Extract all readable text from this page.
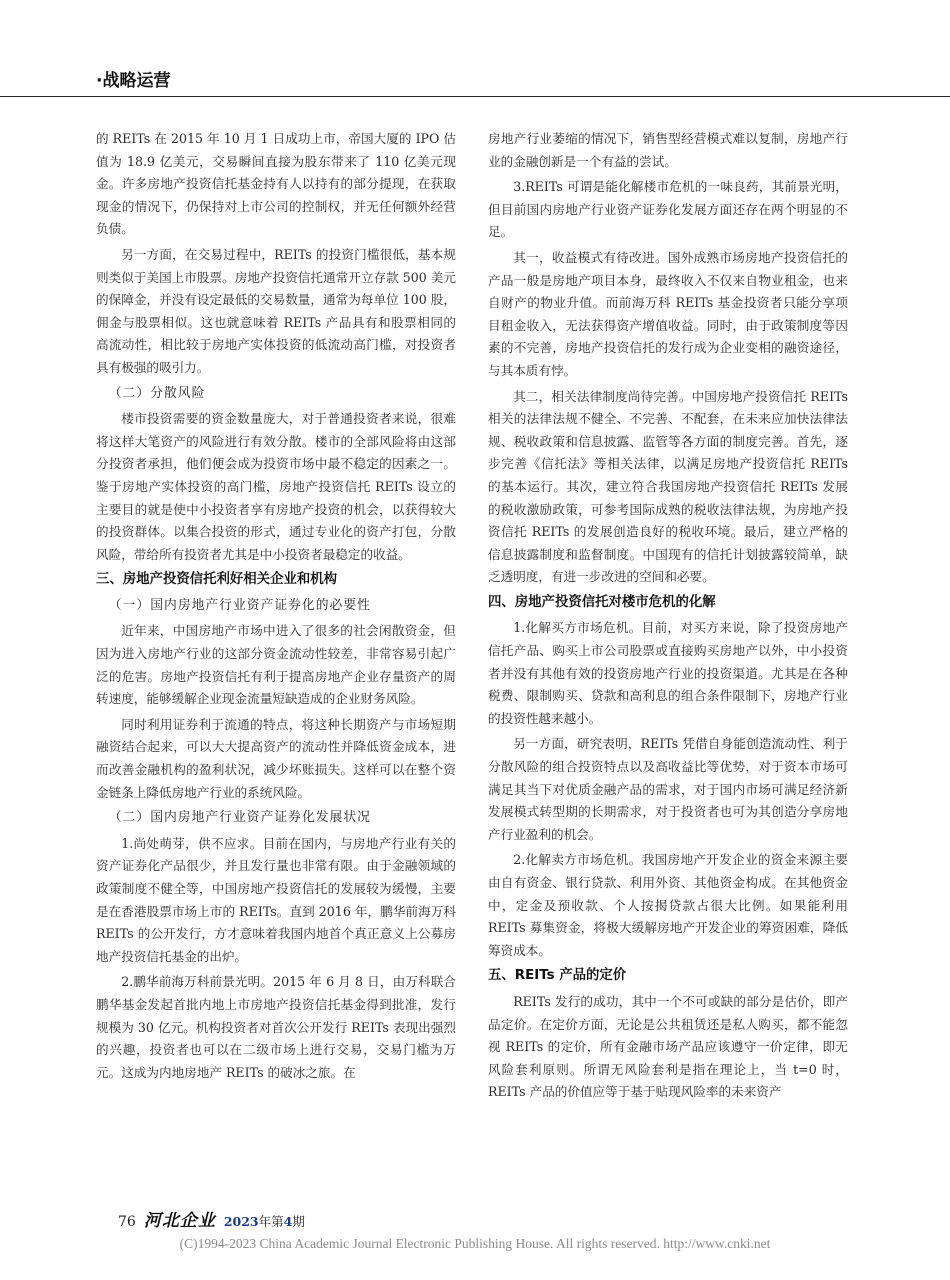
·战略运营

的 REITs 在 2015 年 10 月 1 日成功上市，帝国大厦的 IPO 估值为 18.9 亿美元，交易瞬间直接为股东带来了 110 亿美元现金。许多房地产投资信托基金持有人以持有的部分提现，在获取现金的情况下，仍保持对上市公司的控制权，并无任何额外经营负债。

另一方面，在交易过程中，REITs 的投资门槛很低，基本规则类似于美国上市股票。房地产投资信托通常开立存款 500 美元的保障金，并没有设定最低的交易数量，通常为每单位 100 股，佣金与股票相似。这也就意味着 REITs 产品具有和股票相同的高流动性，相比较于房地产实体投资的低流动高门槛，对投资者具有极强的吸引力。

（二）分散风险

楼市投资需要的资金数量庞大，对于普通投资者来说，很难将这样大笔资产的风险进行有效分散。楼市的全部风险将由这部分投资者承担，他们便会成为投资市场中最不稳定的因素之一。鉴于房地产实体投资的高门槛，房地产投资信托 REITs 设立的主要目的就是使中小投资者享有房地产投资的机会，以获得较大的投资群体。以集合投资的形式，通过专业化的资产打包，分散风险，带给所有投资者尤其是中小投资者最稳定的收益。

三、房地产投资信托利好相关企业和机构
（一）国内房地产行业资产证券化的必要性

近年来，中国房地产市场中进入了很多的社会闲散资金，但因为进入房地产行业的这部分资金流动性较差，非常容易引起广泛的危害。房地产投资信托有利于提高房地产企业存量资产的周转速度，能够缓解企业现金流量短缺造成的企业财务风险。

同时利用证券利于流通的特点，将这种长期资产与市场短期融资结合起来，可以大大提高资产的流动性并降低资金成本，进而改善金融机构的盈利状况，减少坏账损失。这样可以在整个资金链条上降低房地产行业的系统风险。

（二）国内房地产行业资产证券化发展状况

1.尚处萌芽，供不应求。目前在国内，与房地产行业有关的资产证券化产品很少，并且发行量也非常有限。由于金融领域的政策制度不健全等，中国房地产投资信托的发展较为缓慢，主要是在香港股票市场上市的 REITs。直到 2016 年，鹏华前海万科 REITs 的公开发行，方才意味着我国内地首个真正意义上公募房地产投资信托基金的出炉。

2.鹏华前海万科前景光明。2015 年 6 月 8 日，由万科联合鹏华基金发起首批内地上市房地产投资信托基金得到批准，发行规模为 30 亿元。机构投资者对首次公开发行 REITs 表现出强烈的兴趣，投资者也可以在二级市场上进行交易，交易门槛为万元。这成为内地房地产 REITs 的破冰之旅。在

房地产行业萎缩的情况下，销售型经营模式难以复制，房地产行业的金融创新是一个有益的尝试。

3.REITs 可谓是能化解楼市危机的一味良药，其前景光明，但目前国内房地产行业资产证券化发展方面还存在两个明显的不足。

其一，收益模式有待改进。国外成熟市场房地产投资信托的产品一般是房地产项目本身，最终收入不仅来自物业租金，也来自财产的物业升值。而前海万科 REITs 基金投资者只能分享项目租金收入，无法获得资产增值收益。同时，由于政策制度等因素的不完善，房地产投资信托的发行成为企业变相的融资途径，与其本质有悖。

其二，相关法律制度尚待完善。中国房地产投资信托 REITs 相关的法律法规不健全、不完善、不配套，在未来应加快法律法规、税收政策和信息披露、监管等各方面的制度完善。首先，逐步完善《信托法》等相关法律，以满足房地产投资信托 REITs 的基本运行。其次，建立符合我国房地产投资信托 REITs 发展的税收激励政策，可参考国际成熟的税收法律法规，为房地产投资信托 REITs 的发展创造良好的税收环境。最后，建立严格的信息披露制度和监督制度。中国现有的信托计划披露较简单，缺乏透明度，有进一步改进的空间和必要。

四、房地产投资信托对楼市危机的化解

1.化解买方市场危机。目前，对买方来说，除了投资房地产信托产品、购买上市公司股票或直接购买房地产以外，中小投资者并没有其他有效的投资房地产行业的投资渠道。尤其是在各种税费、限制购买、贷款和高利息的组合条件限制下，房地产行业的投资性越来越小。

另一方面，研究表明，REITs 凭借自身能创造流动性、利于分散风险的组合投资特点以及高收益比等优势，对于资本市场可满足其当下对优质金融产品的需求，对于国内市场可满足经济新发展模式转型期的长期需求，对于投资者也可为其创造分享房地产行业盈利的机会。

2.化解卖方市场危机。我国房地产开发企业的资金来源主要由自有资金、银行贷款、利用外资、其他资金构成。在其他资金中，定金及预收款、个人按揭贷款占很大比例。如果能利用 REITs 募集资金，将极大缓解房地产开发企业的筹资困难，降低筹资成本。

五、REITs 产品的定价

REITs 发行的成功，其中一个不可或缺的部分是估价，即产品定价。在定价方面，无论是公共租赁还是私人购买，都不能忽视 REITs 的定价，所有金融市场产品应该遵守一价定律，即无风险套利原则。所谓无风险套利是指在理论上，当 t=0 时，REITs 产品的价值应等于基于贴现风险率的未来资产

76 河北企业 2023年第4期
(C)1994-2023 China Academic Journal Electronic Publishing House. All rights reserved. http://www.cnki.net
